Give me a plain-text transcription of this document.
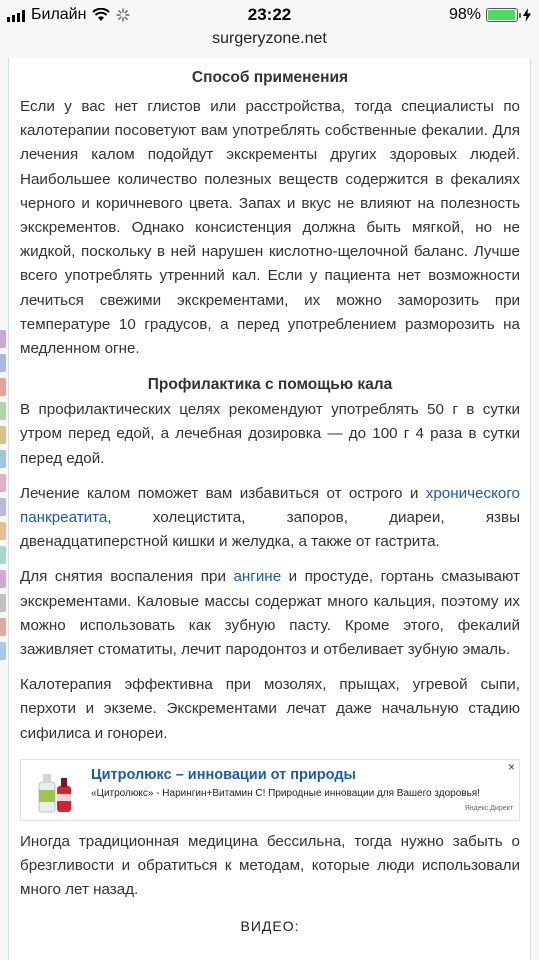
Билайн	23:22	98%
surgeryzone.net
Способ применения

Если у вас нет глистов или расстройства, тогда специалисты по калотерапии посоветуют вам употреблять собственные фекалии. Для лечения калом подойдут экскременты других здоровых людей. Наибольшее количество полезных веществ содержится в фекалиях черного и коричневого цвета. Запах и вкус не влияют на полезность экскрементов. Однако консистенция должна быть мягкой, но не жидкой, поскольку в ней нарушен кислотно-щелочной баланс. Лучше всего употреблять утренний кал. Если у пациента нет возможности лечиться свежими экскрементами, их можно заморозить при температуре 10 градусов, а перед употреблением разморозить на медленном огне.

Профилактика с помощью кала

В профилактических целях рекомендуют употреблять 50 г в сутки утром перед едой, а лечебная дозировка — до 100 г 4 раза в сутки перед едой.

Лечение калом поможет вам избавиться от острого и хронического панкреатита, холецистита, запоров, диареи, язвы двенадцатиперстной кишки и желудка, а также от гастрита.

Для снятия воспаления при ангине и простуде, гортань смазывают экскрементами. Каловые массы содержат много кальция, поэтому их можно использовать как зубную пасту. Кроме этого, фекалий заживляет стоматиты, лечит пародонтоз и отбеливает зубную эмаль.

Калотерапия эффективна при мозолях, прыщах, угревой сыпи, перхоти и экземе. Экскрементами лечат даже начальную стадию сифилиса и гонореи.

Цитролюкс – инновации от природы
«Цитролюкс» - Нарингин+Витамин С! Природные инновации для Вашего здоровья!
Яндекс.Директ
×

Иногда традиционная медицина бессильна, тогда нужно забыть о брезгливости и обратиться к методам, которые люди использовали много лет назад.

ВИДЕО:
